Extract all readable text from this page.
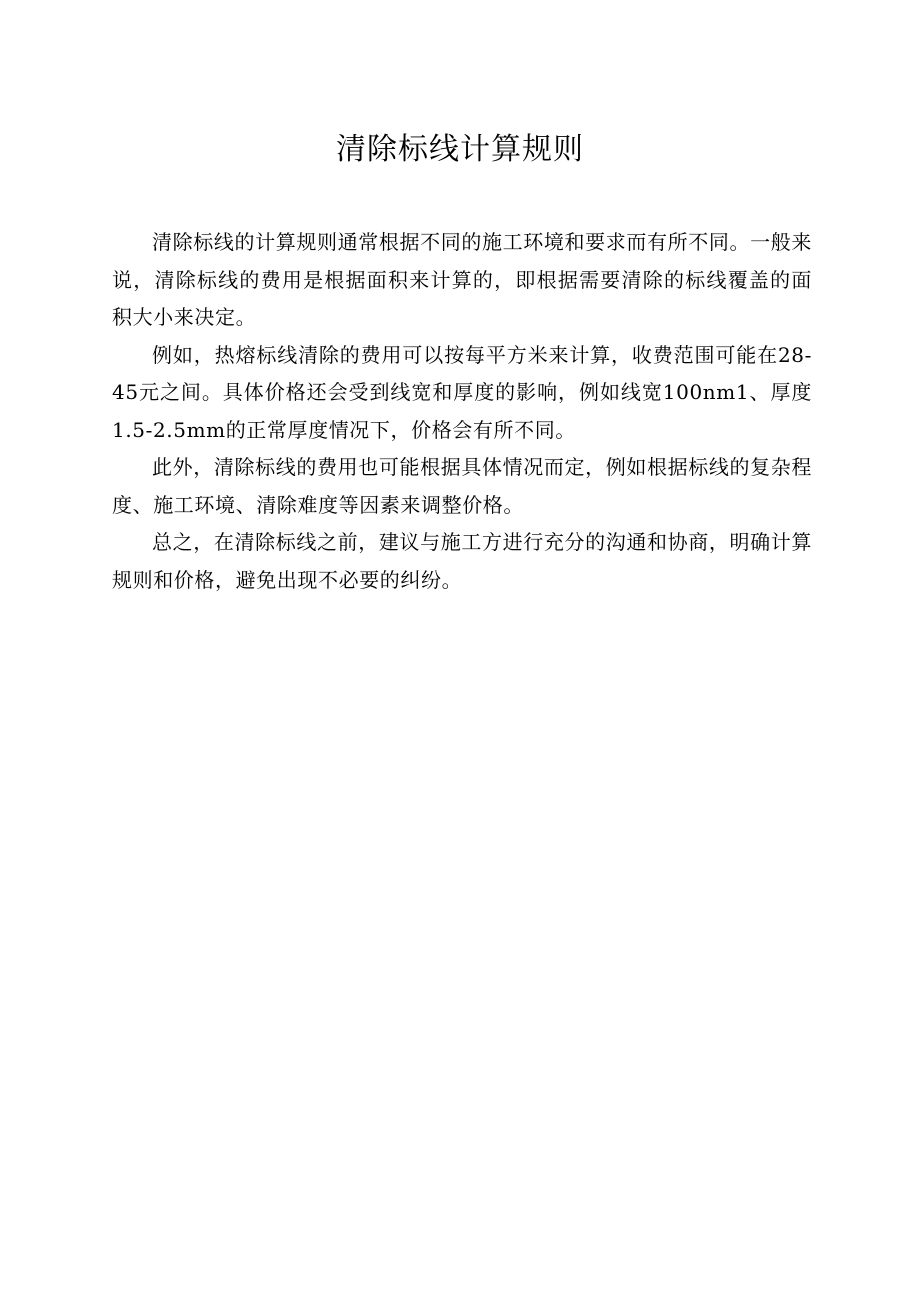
清除标线计算规则

清除标线的计算规则通常根据不同的施工环境和要求而有所不同。一般来说，清除标线的费用是根据面积来计算的，即根据需要清除的标线覆盖的面积大小来决定。

例如，热熔标线清除的费用可以按每平方米来计算，收费范围可能在28-45元之间。具体价格还会受到线宽和厚度的影响，例如线宽100nm1、厚度1.5-2.5mm的正常厚度情况下，价格会有所不同。

此外，清除标线的费用也可能根据具体情况而定，例如根据标线的复杂程度、施工环境、清除难度等因素来调整价格。

总之，在清除标线之前，建议与施工方进行充分的沟通和协商，明确计算规则和价格，避免出现不必要的纠纷。
